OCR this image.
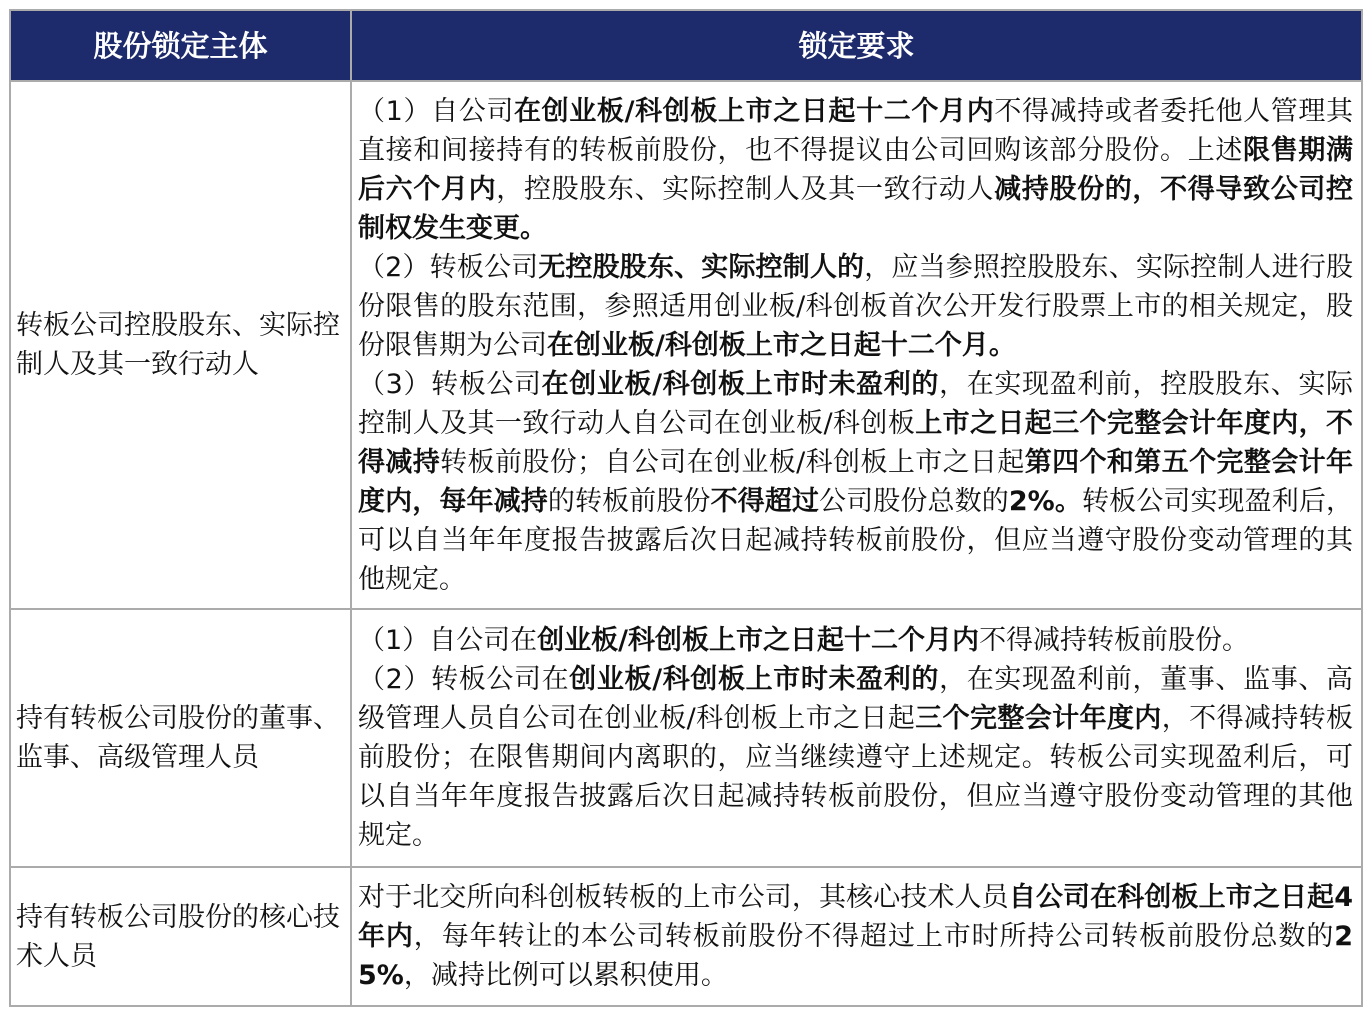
股份锁定主体	锁定要求
转板公司控股股东、实际控制人及其一致行动人

（1）自公司在创业板/科创板上市之日起十二个月内不得减持或者委托他人管理其直接和间接持有的转板前股份，也不得提议由公司回购该部分股份。上述限售期满后六个月内，控股股东、实际控制人及其一致行动人减持股份的，不得导致公司控制权发生变更。

（2）转板公司无控股股东、实际控制人的，应当参照控股股东、实际控制人进行股份限售的股东范围，参照适用创业板/科创板首次公开发行股票上市的相关规定，股份限售期为公司在创业板/科创板上市之日起十二个月。

（3）转板公司在创业板/科创板上市时未盈利的，在实现盈利前，控股股东、实际控制人及其一致行动人自公司在创业板/科创板上市之日起三个完整会计年度内，不得减持转板前股份；自公司在创业板/科创板上市之日起第四个和第五个完整会计年度内，每年减持的转板前股份不得超过公司股份总数的2%。转板公司实现盈利后，可以自当年年度报告披露后次日起减持转板前股份，但应当遵守股份变动管理的其他规定。

持有转板公司股份的董事、监事、高级管理人员

（1）自公司在创业板/科创板上市之日起十二个月内不得减持转板前股份。

（2）转板公司在创业板/科创板上市时未盈利的，在实现盈利前，董事、监事、高级管理人员自公司在创业板/科创板上市之日起三个完整会计年度内，不得减持转板前股份；在限售期间内离职的，应当继续遵守上述规定。转板公司实现盈利后，可以自当年年度报告披露后次日起减持转板前股份，但应当遵守股份变动管理的其他规定。

持有转板公司股份的核心技术人员

对于北交所向科创板转板的上市公司，其核心技术人员自公司在科创板上市之日起4年内，每年转让的本公司转板前股份不得超过上市时所持公司转板前股份总数的25%，减持比例可以累积使用。
